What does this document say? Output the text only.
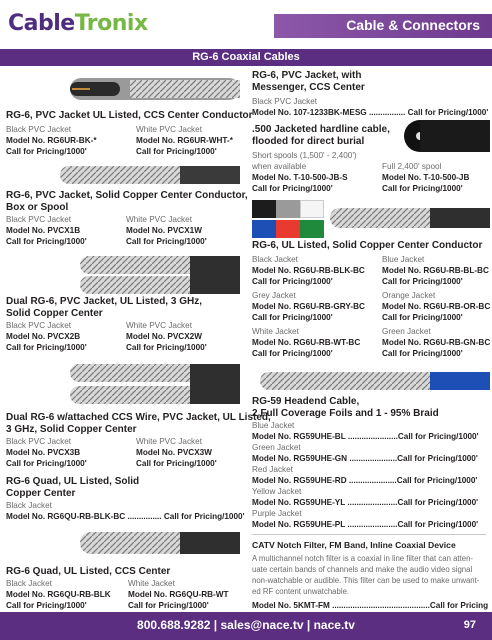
CableTronix	Cable & Connectors
RG-6 Coaxial Cables
RG-6, PVC Jacket UL Listed, CCS Center Conductor
Black PVC Jacket
Model No. RG6UR-BK-*
Call for Pricing/1000'
White PVC Jacket
Model No. RG6UR-WHT-*
Call for Pricing/1000'
RG-6, PVC Jacket, Solid Copper Center Conductor,
Box or Spool
Black PVC Jacket
Model No. PVCX1B
Call for Pricing/1000'
White PVC Jacket
Model No. PVCX1W
Call for Pricing/1000'
Dual RG-6, PVC Jacket, UL Listed, 3 GHz,
Solid Copper Center
Black PVC Jacket
Model No. PVCX2B
Call for Pricing/1000'
White PVC Jacket
Model No. PVCX2W
Call for Pricing/1000'
Dual RG-6 w/attached CCS Wire, PVC Jacket, UL Listed,
3 GHz, Solid Copper Center
Black PVC Jacket
Model No. PVCX3B
Call for Pricing/1000'
White PVC Jacket
Model No. PVCX3W
Call for Pricing/1000'
RG-6 Quad, UL Listed, Solid
Copper Center
Black Jacket
Model No. RG6QU-RB-BLK-BC ............... Call for Pricing/1000'
RG-6 Quad, UL Listed, CCS Center
Black Jacket
Model No. RG6QU-RB-BLK
Call for Pricing/1000'
White Jacket
Model No. RG6QU-RB-WT
Call for Pricing/1000'
RG-6, PVC Jacket, with
Messenger, CCS Center
Black PVC Jacket
Model No. 107-1233BK-MESG ................ Call for Pricing/1000'
.500 Jacketed hardline cable,
flooded for direct burial
Short spools (1,500' - 2,400')
when available
Model No. T-10-500-JB-S
Call for Pricing/1000'
Full 2,400' spool
Model No. T-10-500-JB
Call for Pricing/1000'
RG-6, UL Listed, Solid Copper Center Conductor
Black Jacket
Model No. RG6U-RB-BLK-BC
Call for Pricing/1000'
Blue Jacket
Model No. RG6U-RB-BL-BC
Call for Pricing/1000'
Grey Jacket
Model No. RG6U-RB-GRY-BC
Call for Pricing/1000'
Orange Jacket
Model No. RG6U-RB-OR-BC
Call for Pricing/1000'
White Jacket
Model No. RG6U-RB-WT-BC
Call for Pricing/1000'
Green Jacket
Model No. RG6U-RB-GN-BC
Call for Pricing/1000'
RG-59 Headend Cable,
2 Full Coverage Foils and 1 - 95% Braid
Blue Jacket
Model No. RG59UHE-BL ......................Call for Pricing/1000'
Green Jacket
Model No. RG59UHE-GN .....................Call for Pricing/1000'
Red Jacket
Model No. RG59UHE-RD .....................Call for Pricing/1000'
Yellow Jacket
Model No. RG59UHE-YL ......................Call for Pricing/1000'
Purple Jacket
Model No. RG59UHE-PL ......................Call for Pricing/1000'
CATV Notch Filter, FM Band, Inline Coaxial Device
A multichannel notch filter is a coaxial in line filter that can atten-
uate certain bands of channels and make the audio video signal
non-watchable or audible. This filter can be used to make unwant-
ed RF content unwatchable.
Model No. 5KMT-FM ...........................................Call for Pricing
800.688.9282 | sales@nace.tv | nace.tv	97
